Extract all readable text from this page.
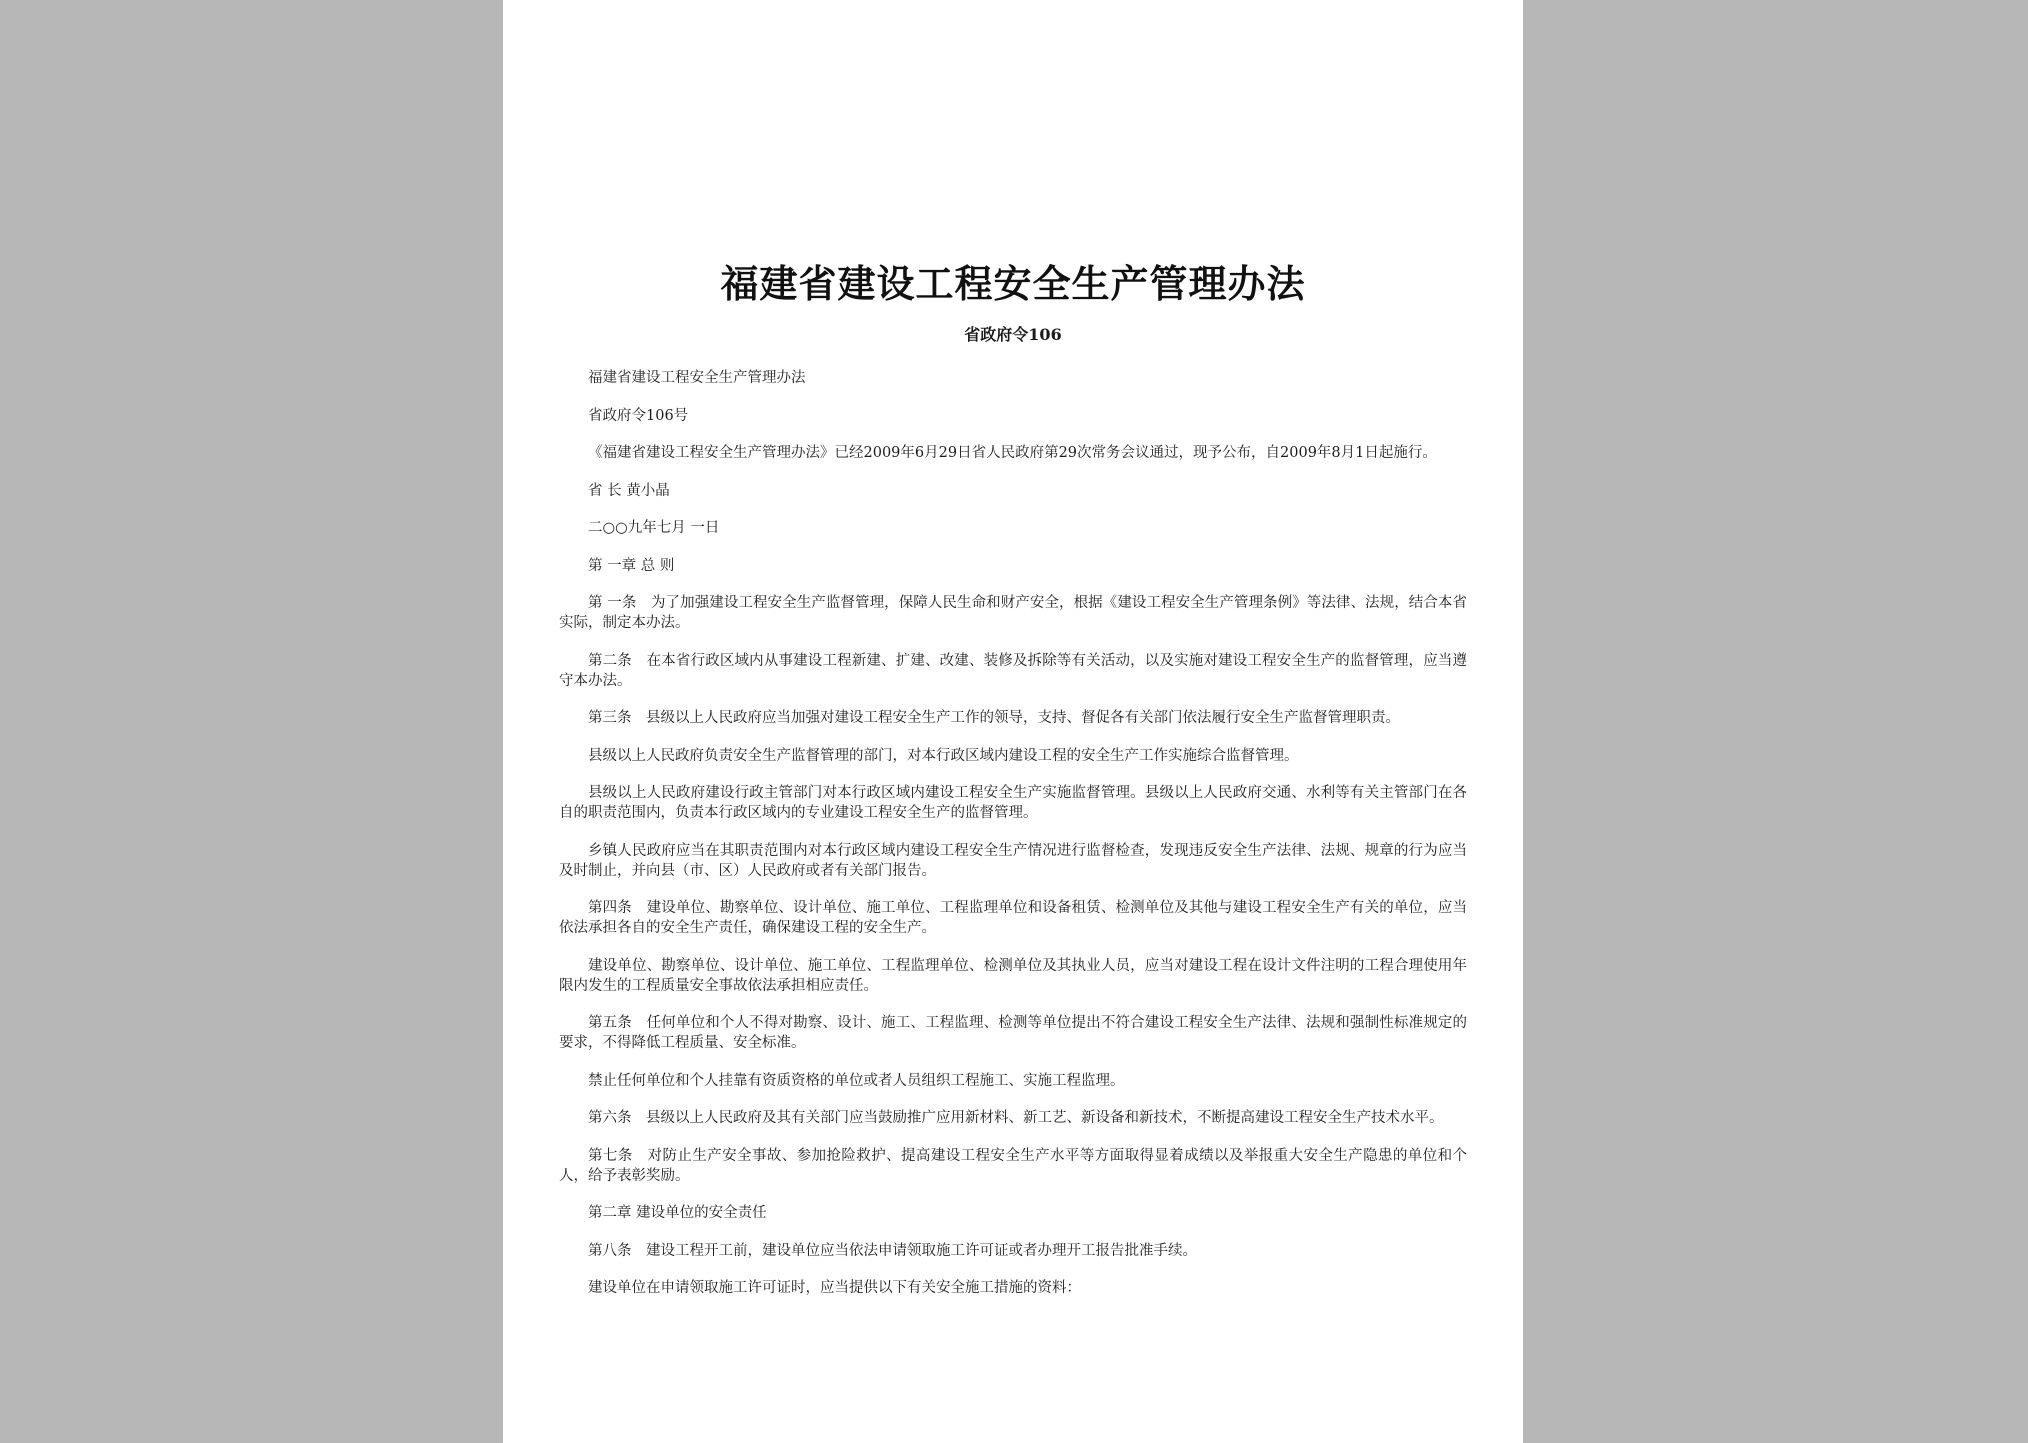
福建省建设工程安全生产管理办法
省政府令106

福建省建设工程安全生产管理办法

省政府令106号

《福建省建设工程安全生产管理办法》已经2009年6月29日省人民政府第29次常务会议通过，现予公布，自2009年8月1日起施行。

省 长 黄小晶

二○○九年七月 一日

第 一章 总 则

第 一条　为了加强建设工程安全生产监督管理，保障人民生命和财产安全，根据《建设工程安全生产管理条例》等法律、法规，结合本省实际，制定本办法。

第二条　在本省行政区域内从事建设工程新建、扩建、改建、装修及拆除等有关活动，以及实施对建设工程安全生产的监督管理，应当遵守本办法。

第三条　县级以上人民政府应当加强对建设工程安全生产工作的领导，支持、督促各有关部门依法履行安全生产监督管理职责。

县级以上人民政府负责安全生产监督管理的部门，对本行政区域内建设工程的安全生产工作实施综合监督管理。

县级以上人民政府建设行政主管部门对本行政区域内建设工程安全生产实施监督管理。县级以上人民政府交通、水利等有关主管部门在各自的职责范围内，负责本行政区域内的专业建设工程安全生产的监督管理。

乡镇人民政府应当在其职责范围内对本行政区域内建设工程安全生产情况进行监督检查，发现违反安全生产法律、法规、规章的行为应当及时制止，并向县（市、区）人民政府或者有关部门报告。

第四条　建设单位、勘察单位、设计单位、施工单位、工程监理单位和设备租赁、检测单位及其他与建设工程安全生产有关的单位，应当依法承担各自的安全生产责任，确保建设工程的安全生产。

建设单位、勘察单位、设计单位、施工单位、工程监理单位、检测单位及其执业人员，应当对建设工程在设计文件注明的工程合理使用年限内发生的工程质量安全事故依法承担相应责任。

第五条　任何单位和个人不得对勘察、设计、施工、工程监理、检测等单位提出不符合建设工程安全生产法律、法规和强制性标准规定的要求，不得降低工程质量、安全标准。

禁止任何单位和个人挂靠有资质资格的单位或者人员组织工程施工、实施工程监理。

第六条　县级以上人民政府及其有关部门应当鼓励推广应用新材料、新工艺、新设备和新技术，不断提高建设工程安全生产技术水平。

第七条　对防止生产安全事故、参加抢险救护、提高建设工程安全生产水平等方面取得显着成绩以及举报重大安全生产隐患的单位和个人，给予表彰奖励。

第二章 建设单位的安全责任

第八条　建设工程开工前，建设单位应当依法申请领取施工许可证或者办理开工报告批准手续。

建设单位在申请领取施工许可证时，应当提供以下有关安全施工措施的资料：
